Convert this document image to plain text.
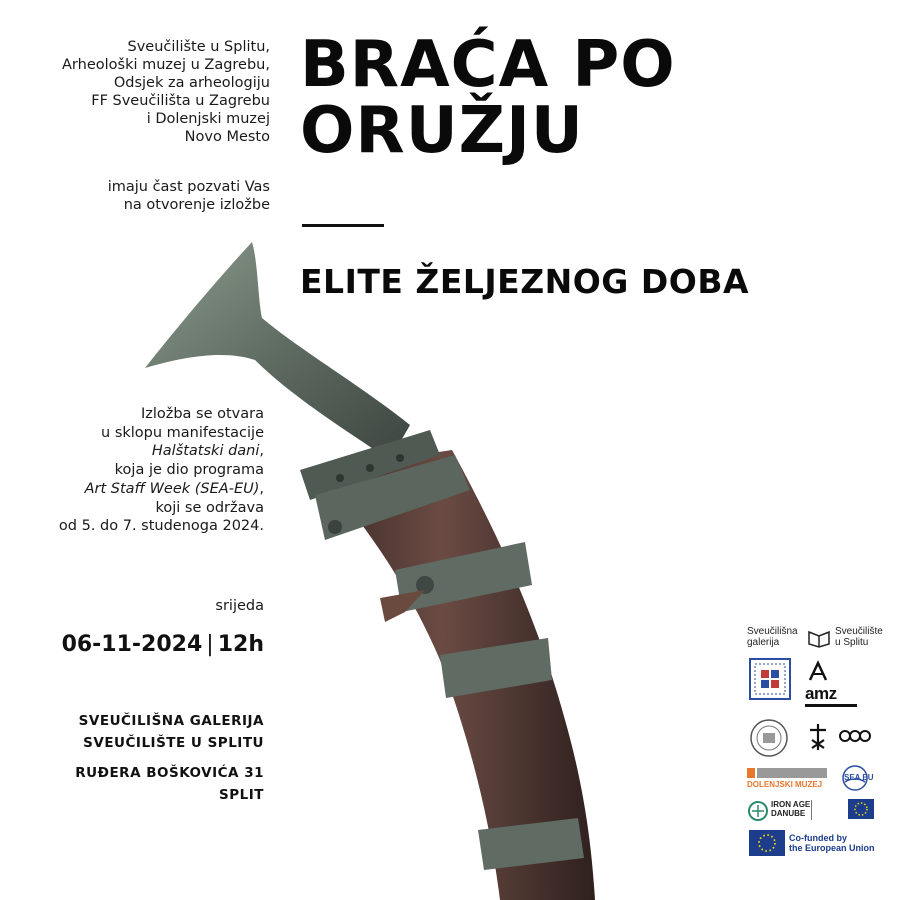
Sveučilište u Splitu,
Arheološki muzej u Zagrebu,
Odsjek za arheologiju
FF Sveučilišta u Zagrebu
i Dolenjski muzej
Novo Mesto
imaju čast pozvati Vas
na otvorenje izložbe
BRAĆA PO
ORUŽJU
ELITE ŽELJEZNOG DOBA
Izložba se otvara
u sklopu manifestacije
Halštatski dani,
koja je dio programa
Art Staff Week (SEA-EU),
koji se održava
od 5. do 7. studenoga 2024.
srijeda
06-11-2024 | 12h
SVEUČILIŠNA GALERIJA
SVEUČILIŠTE U SPLITU
RUĐERA BOŠKOVIĆA 31
SPLIT
Sveučilišna
galerija
Sveučilište
u Splitu
amz
DOLENJSKI MUZEJ
SEA EU
IRON AGE
DANUBE
Co-funded by
the European Union
